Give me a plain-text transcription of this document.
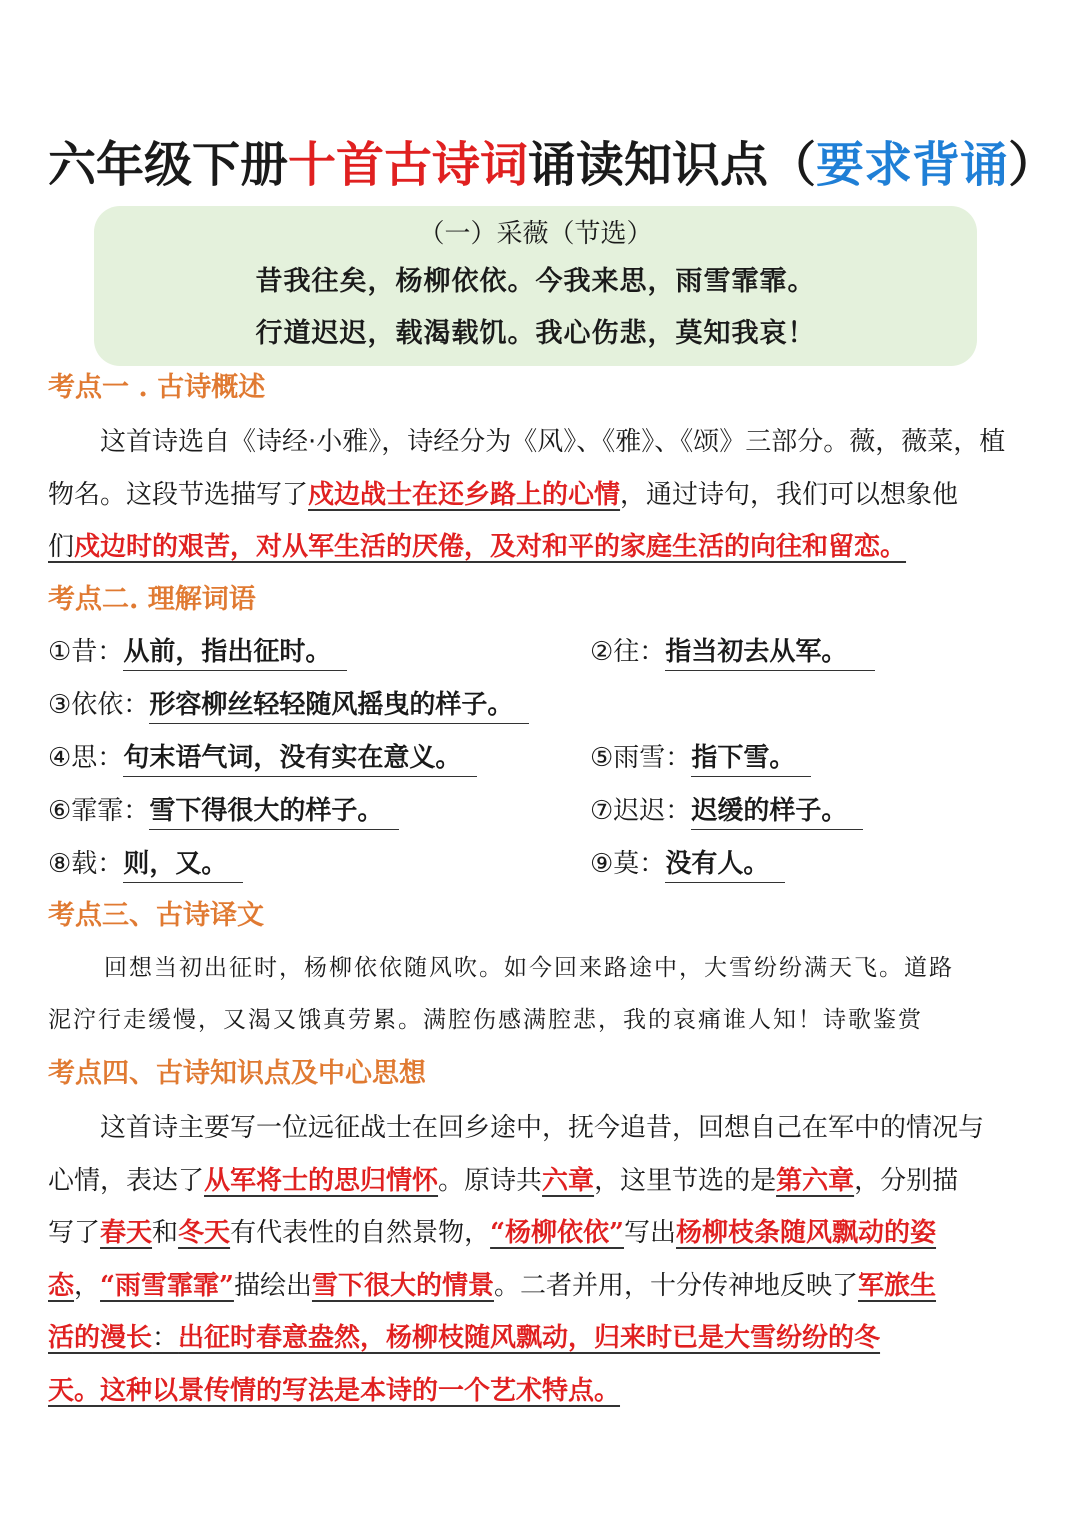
六年级下册十首古诗词诵读知识点（要求背诵）
（一）采薇（节选）
昔我往矣，杨柳依依。今我来思，雨雪霏霏。
行道迟迟，载渴载饥。我心伤悲，莫知我哀！
考点一 . 古诗概述
这首诗选自《诗经·小雅》，诗经分为《风》、《雅》、《颂》三部分。薇，薇菜，植
物名。这段节选描写了戍边战士在还乡路上的心情，通过诗句，我们可以想象他
们戍边时的艰苦，对从军生活的厌倦，及对和平的家庭生活的向往和留恋。
考点二. 理解词语
①昔：从前，指出征时。	②往：指当初去从军。
③依依：形容柳丝轻轻随风摇曳的样子。
④思：句末语气词，没有实在意义。	⑤雨雪：指下雪。
⑥霏霏：雪下得很大的样子。	⑦迟迟：迟缓的样子。
⑧载：则，又。	⑨莫：没有人。
考点三、古诗译文
回想当初出征时，杨柳依依随风吹。如今回来路途中，大雪纷纷满天飞。道路
泥泞行走缓慢，又渴又饿真劳累。满腔伤感满腔悲，我的哀痛谁人知！诗歌鉴赏
考点四、古诗知识点及中心思想
这首诗主要写一位远征战士在回乡途中，抚今追昔，回想自己在军中的情况与
心情，表达了从军将士的思归情怀。原诗共六章，这里节选的是第六章，分别描
写了春天和冬天有代表性的自然景物，“杨柳依依”写出杨柳枝条随风飘动的姿
态，“雨雪霏霏”描绘出雪下很大的情景。二者并用，十分传神地反映了军旅生
活的漫长：出征时春意盎然，杨柳枝随风飘动，归来时已是大雪纷纷的冬
天。这种以景传情的写法是本诗的一个艺术特点。
